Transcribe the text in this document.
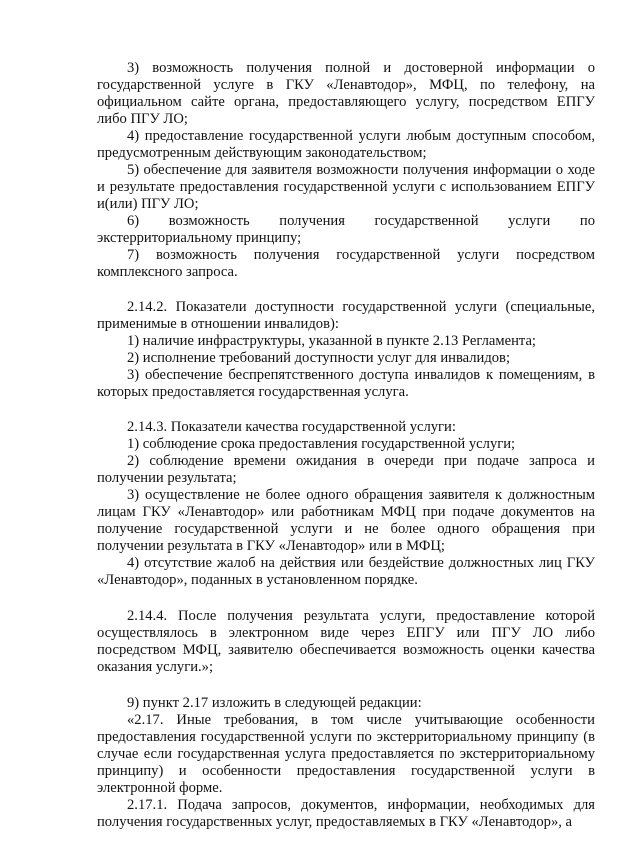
3) возможность получения полной и достоверной информации о государственной услуге в ГКУ «Ленавтодор», МФЦ, по телефону, на официальном сайте органа, предоставляющего услугу, посредством ЕПГУ либо ПГУ ЛО;

4) предоставление государственной услуги любым доступным способом, предусмотренным действующим законодательством;

5) обеспечение для заявителя возможности получения информации о ходе и результате предоставления государственной услуги с использованием ЕПГУ и(или) ПГУ ЛО;

6) возможность получения государственной услуги по экстерриториальному принципу;

7) возможность получения государственной услуги посредством комплексного запроса.

2.14.2. Показатели доступности государственной услуги (специальные, применимые в отношении инвалидов):

1) наличие инфраструктуры, указанной в пункте 2.13 Регламента;

2) исполнение требований доступности услуг для инвалидов;

3) обеспечение беспрепятственного доступа инвалидов к помещениям, в которых предоставляется государственная услуга.

2.14.3. Показатели качества государственной услуги:

1) соблюдение срока предоставления государственной услуги;

2) соблюдение времени ожидания в очереди при подаче запроса и получении результата;

3) осуществление не более одного обращения заявителя к должностным лицам ГКУ «Ленавтодор» или работникам МФЦ при подаче документов на получение государственной услуги и не более одного обращения при получении результата в ГКУ «Ленавтодор» или в МФЦ;

4) отсутствие жалоб на действия или бездействие должностных лиц ГКУ «Ленавтодор», поданных в установленном порядке.

2.14.4. После получения результата услуги, предоставление которой осуществлялось в электронном виде через ЕПГУ или ПГУ ЛО либо посредством МФЦ, заявителю обеспечивается возможность оценки качества оказания услуги.»;

9) пункт 2.17 изложить в следующей редакции:

«2.17. Иные требования, в том числе учитывающие особенности предоставления государственной услуги по экстерриториальному принципу (в случае если государственная услуга предоставляется по экстерриториальному принципу) и особенности предоставления государственной услуги в электронной форме.

2.17.1. Подача запросов, документов, информации, необходимых для получения государственных услуг, предоставляемых в ГКУ «Ленавтодор», а
